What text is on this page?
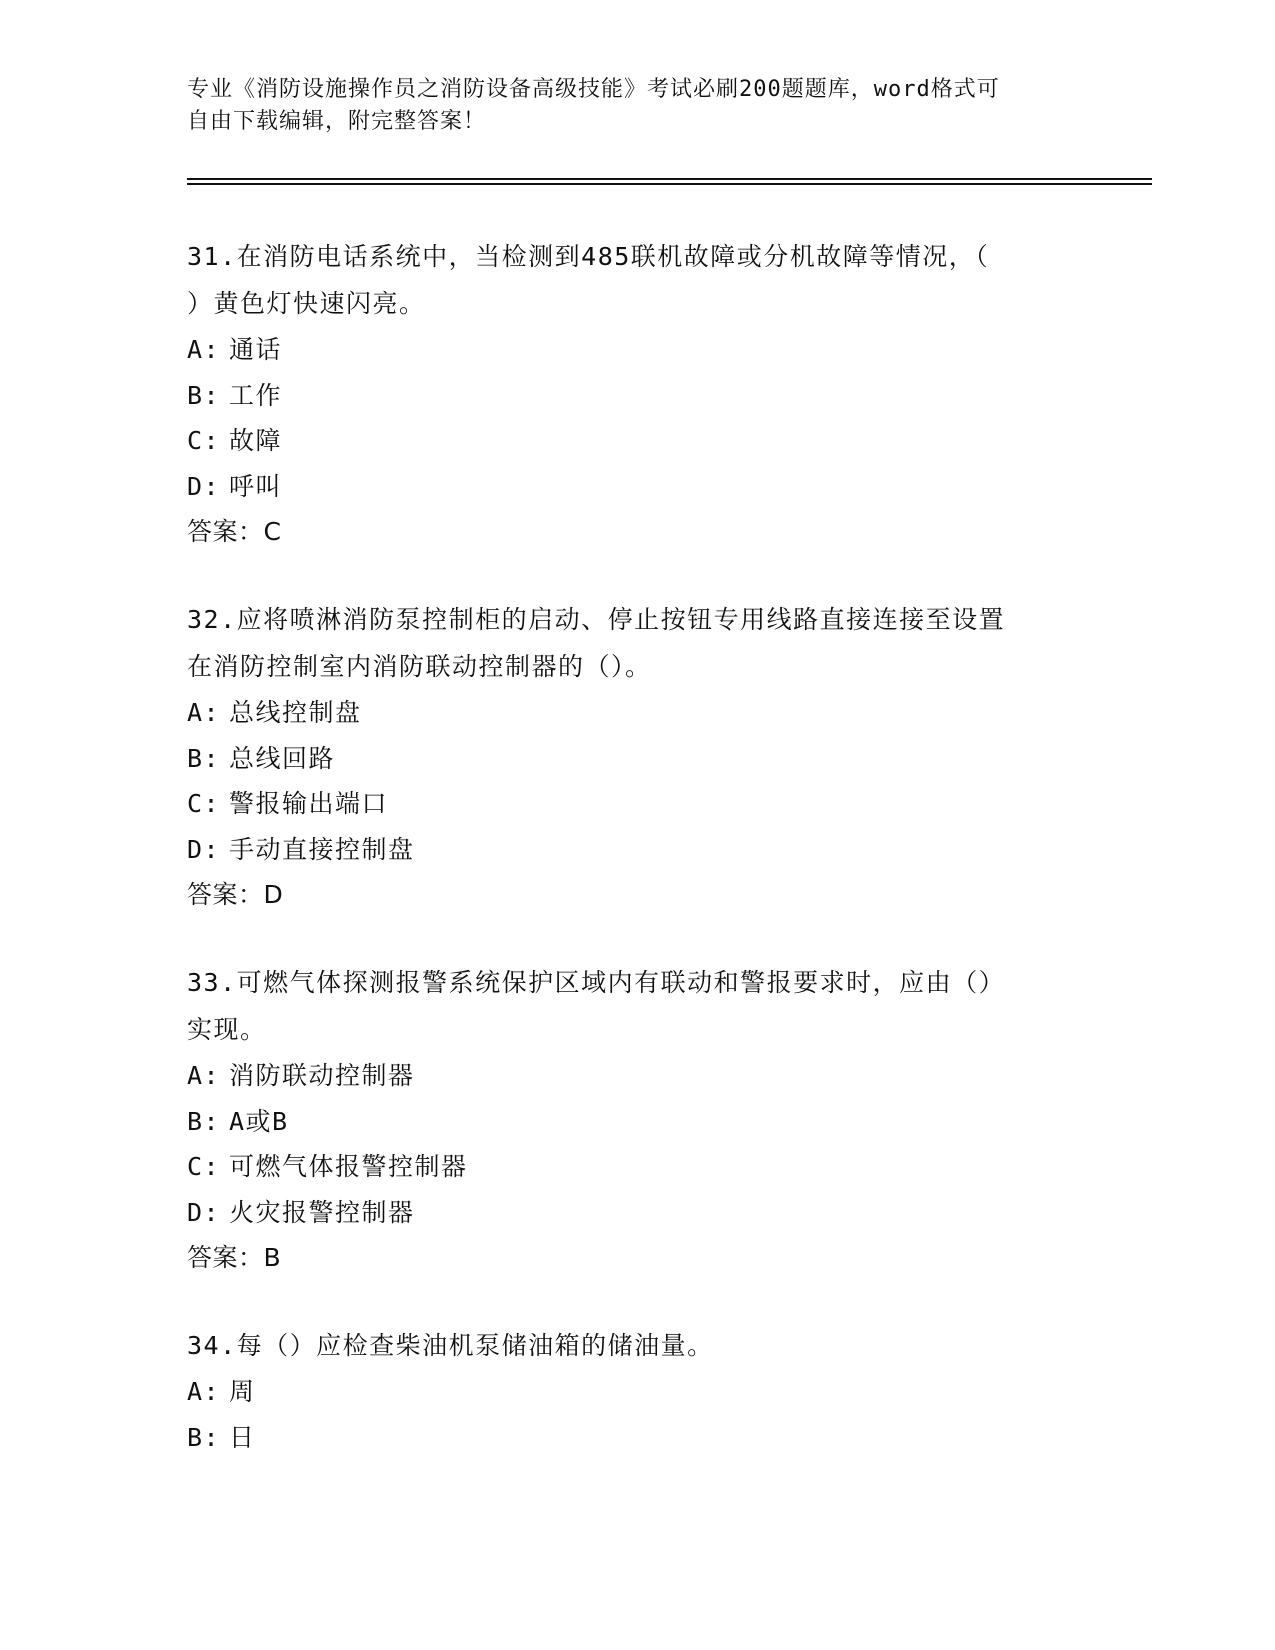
专业《消防设施操作员之消防设备高级技能》考试必刷200题题库，word格式可
自由下载编辑，附完整答案！
31.在消防电话系统中，当检测到485联机故障或分机故障等情况，（
）黄色灯快速闪亮。
A: 通话
B: 工作
C: 故障
D: 呼叫
答案：C
32.应将喷淋消防泵控制柜的启动、停止按钮专用线路直接连接至设置
在消防控制室内消防联动控制器的（）。
A: 总线控制盘
B: 总线回路
C: 警报输出端口
D: 手动直接控制盘
答案：D
33.可燃气体探测报警系统保护区域内有联动和警报要求时，应由（）
实现。
A: 消防联动控制器
B: A或B
C: 可燃气体报警控制器
D: 火灾报警控制器
答案：B
34.每（）应检查柴油机泵储油箱的储油量。
A: 周
B: 日
